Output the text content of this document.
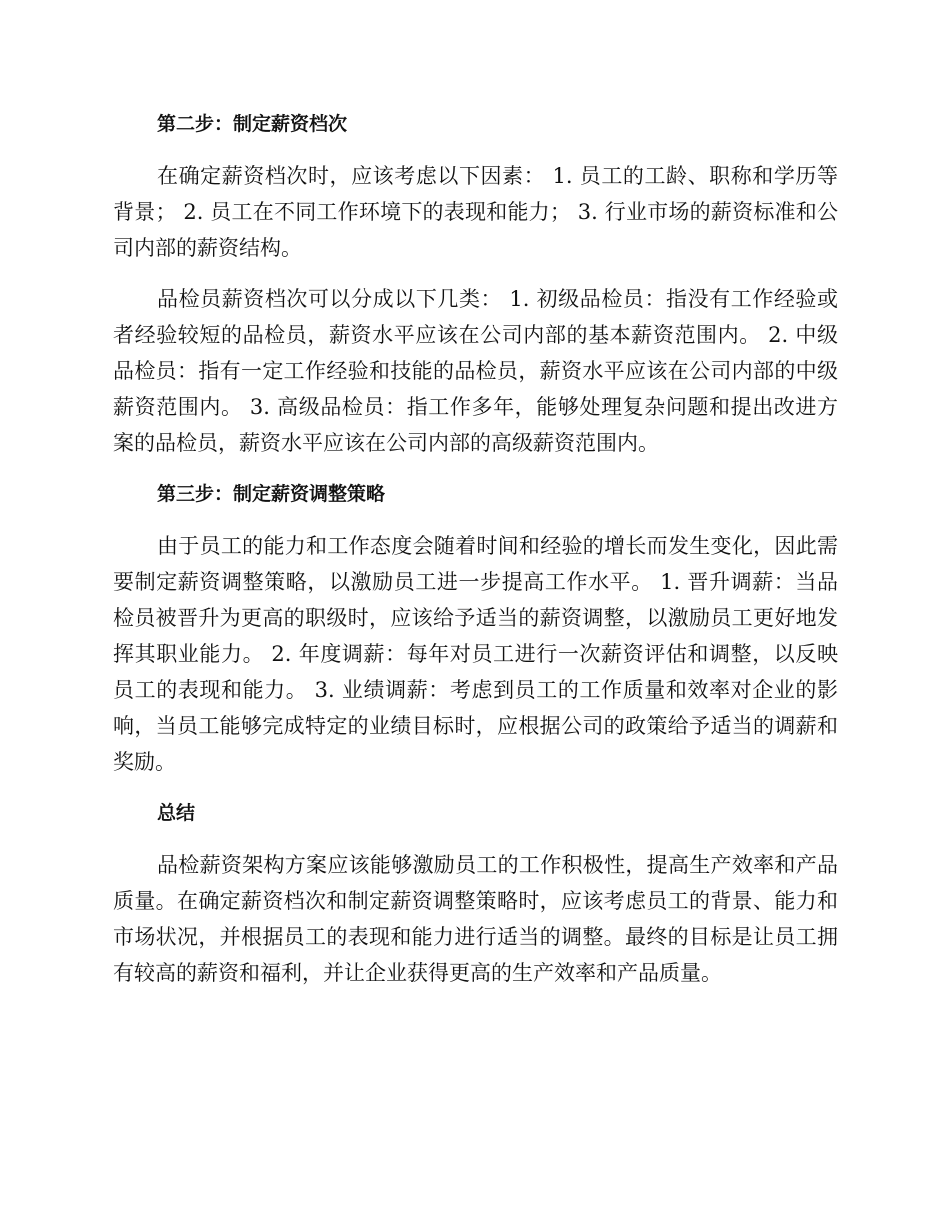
第二步：制定薪资档次

在确定薪资档次时，应该考虑以下因素： 1. 员工的工龄、职称和学历等背景； 2. 员工在不同工作环境下的表现和能力； 3. 行业市场的薪资标准和公司内部的薪资结构。

品检员薪资档次可以分成以下几类： 1. 初级品检员：指没有工作经验或者经验较短的品检员，薪资水平应该在公司内部的基本薪资范围内。 2. 中级品检员：指有一定工作经验和技能的品检员，薪资水平应该在公司内部的中级薪资范围内。 3. 高级品检员：指工作多年，能够处理复杂问题和提出改进方案的品检员，薪资水平应该在公司内部的高级薪资范围内。

第三步：制定薪资调整策略

由于员工的能力和工作态度会随着时间和经验的增长而发生变化，因此需要制定薪资调整策略，以激励员工进一步提高工作水平。 1. 晋升调薪：当品检员被晋升为更高的职级时，应该给予适当的薪资调整，以激励员工更好地发挥其职业能力。 2. 年度调薪：每年对员工进行一次薪资评估和调整，以反映员工的表现和能力。 3. 业绩调薪：考虑到员工的工作质量和效率对企业的影响，当员工能够完成特定的业绩目标时，应根据公司的政策给予适当的调薪和奖励。

总结

品检薪资架构方案应该能够激励员工的工作积极性，提高生产效率和产品质量。在确定薪资档次和制定薪资调整策略时，应该考虑员工的背景、能力和市场状况，并根据员工的表现和能力进行适当的调整。最终的目标是让员工拥有较高的薪资和福利，并让企业获得更高的生产效率和产品质量。
